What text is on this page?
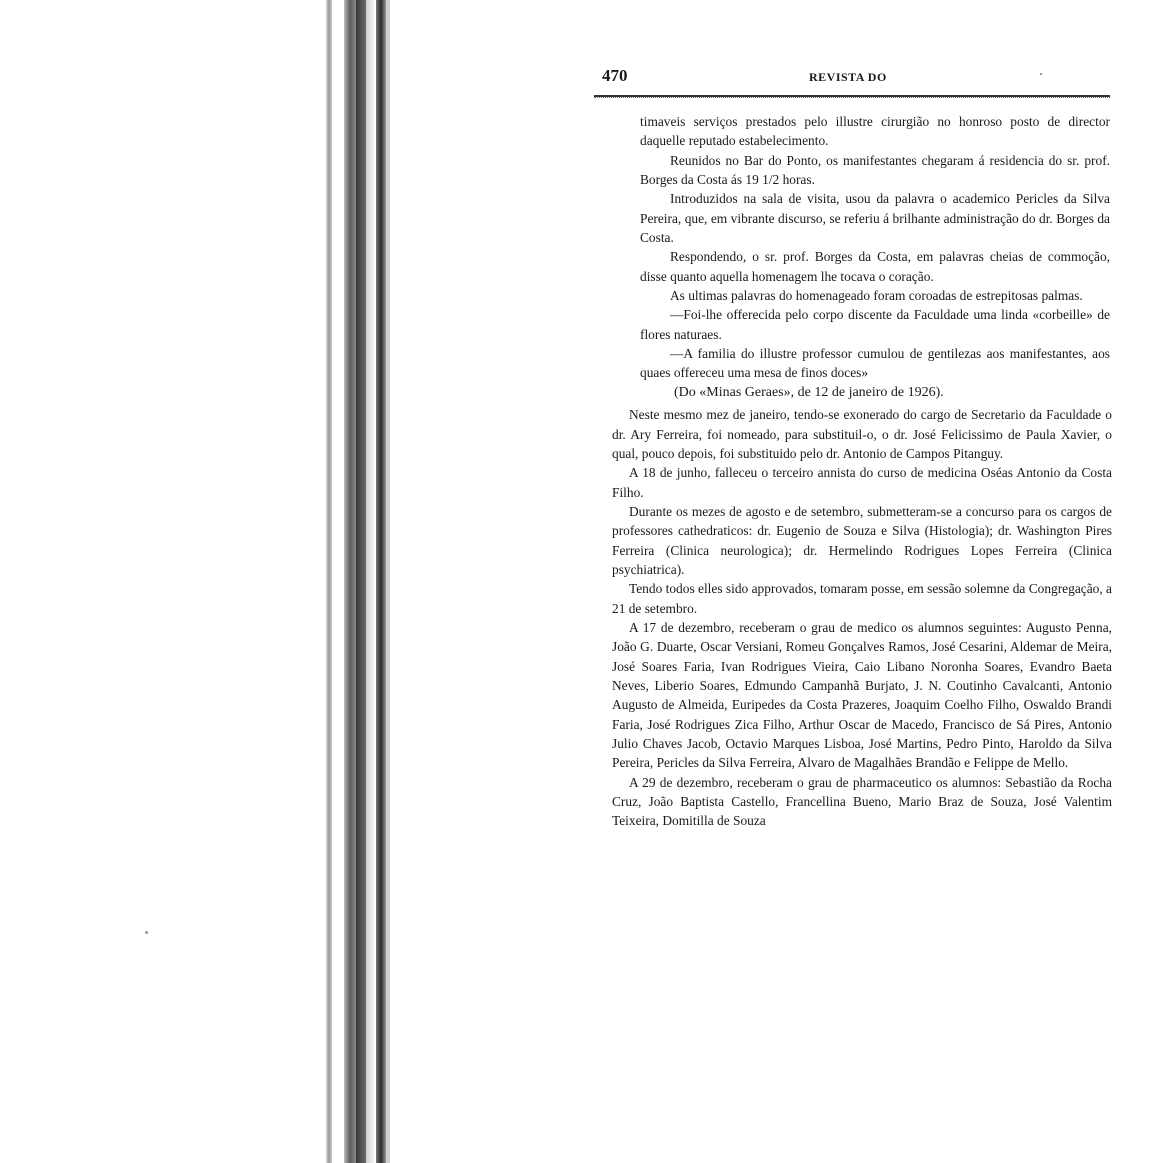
470	REVISTA DO

timaveis serviços prestados pelo illustre cirurgião no honroso posto de director daquelle reputado estabelecimento.

Reunidos no Bar do Ponto, os manifestantes chegaram á residencia do sr. prof. Borges da Costa ás 19 1/2 horas.

Introduzidos na sala de visita, usou da palavra o academico Pericles da Silva Pereira, que, em vibrante discurso, se referiu á brilhante administração do dr. Borges da Costa.

Respondendo, o sr. prof. Borges da Costa, em palavras cheias de commoção, disse quanto aquella homenagem lhe tocava o coração.

As ultimas palavras do homenageado foram coroadas de estrepitosas palmas.

—Foi-lhe offerecida pelo corpo discente da Faculdade uma linda «corbeille» de flores naturaes.

—A familia do illustre professor cumulou de gentilezas aos manifestantes, aos quaes offereceu uma mesa de finos doces»

(Do «Minas Geraes», de 12 de janeiro de 1926).

Neste mesmo mez de janeiro, tendo-se exonerado do cargo de Secretario da Faculdade o dr. Ary Ferreira, foi nomeado, para substituil-o, o dr. José Felicissimo de Paula Xavier, o qual, pouco depois, foi substituido pelo dr. Antonio de Campos Pitanguy.

A 18 de junho, falleceu o terceiro annista do curso de medicina Oséas Antonio da Costa Filho.

Durante os mezes de agosto e de setembro, submetteram-se a concurso para os cargos de professores cathedraticos: dr. Eugenio de Souza e Silva (Histologia); dr. Washington Pires Ferreira (Clinica neurologica); dr. Hermelindo Rodrigues Lopes Ferreira (Clinica psychiatrica).

Tendo todos elles sido approvados, tomaram posse, em sessão solemne da Congregação, a 21 de setembro.

A 17 de dezembro, receberam o grau de medico os alumnos seguintes: Augusto Penna, João G. Duarte, Oscar Versiani, Romeu Gonçalves Ramos, José Cesarini, Aldemar de Meira, José Soares Faria, Ivan Rodrigues Vieira, Caio Libano Noronha Soares, Evandro Baeta Neves, Liberio Soares, Edmundo Campanhã Burjato, J. N. Coutinho Cavalcanti, Antonio Augusto de Almeida, Euripedes da Costa Prazeres, Joaquim Coelho Filho, Oswaldo Brandi Faria, José Rodrigues Zica Filho, Arthur Oscar de Macedo, Francisco de Sá Pires, Antonio Julio Chaves Jacob, Octavio Marques Lisboa, José Martins, Pedro Pinto, Haroldo da Silva Pereira, Pericles da Silva Ferreira, Alvaro de Magalhães Brandão e Felippe de Mello.

A 29 de dezembro, receberam o grau de pharmaceutico os alumnos: Sebastião da Rocha Cruz, João Baptista Castello, Francellina Bueno, Mario Braz de Souza, José Valentim Teixeira, Domitilla de Souza
